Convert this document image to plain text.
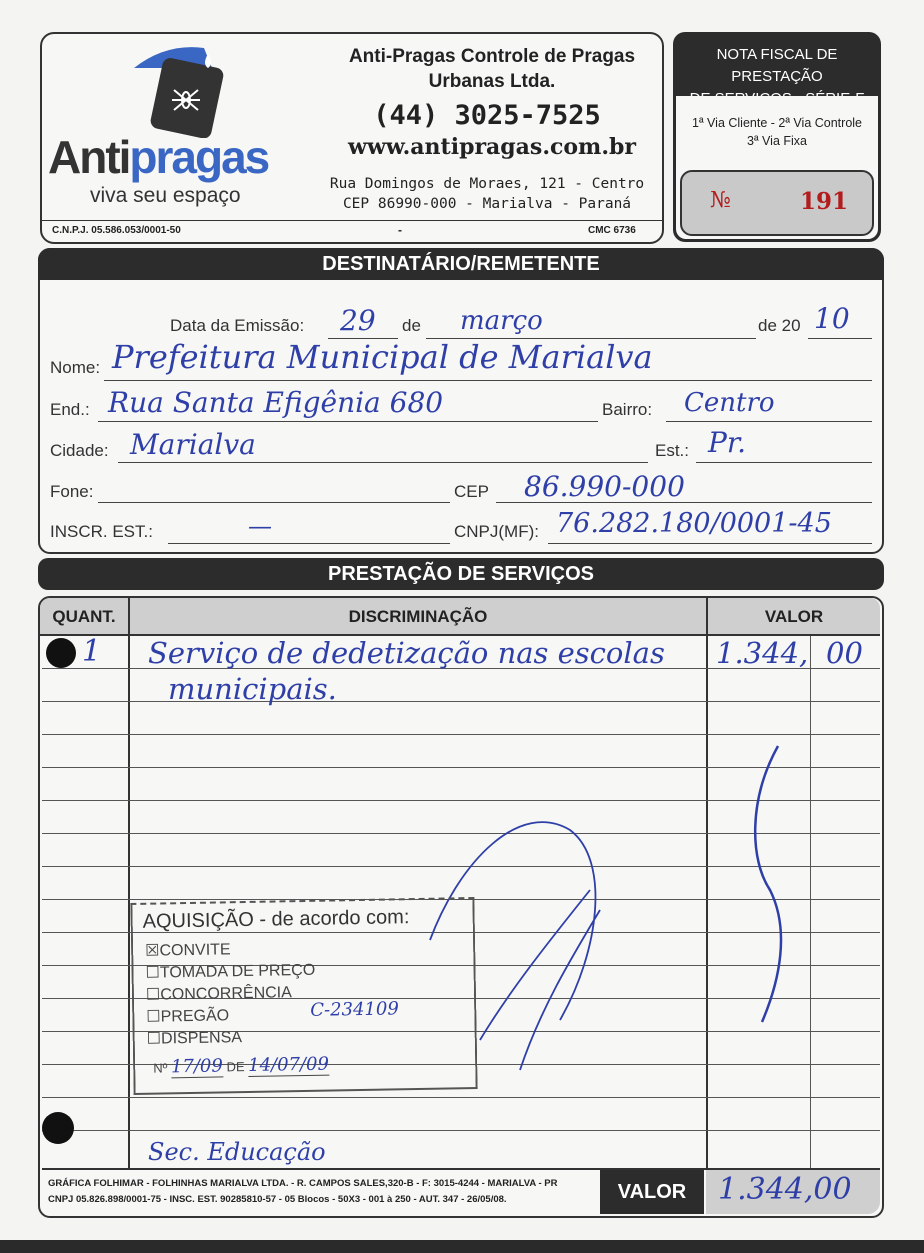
Antipragas
viva seu espaço
Anti-Pragas Controle de Pragas
Urbanas Ltda.
(44) 3025-7525
www.antipragas.com.br
Rua Domingos de Moraes, 121 - Centro
CEP 86990-000 - Marialva - Paraná
C.N.P.J. 05.586.053/0001-50	-	CMC 6736
NOTA FISCAL DE PRESTAÇÃO
1ª Via Cliente - 2ª Via Controle
3ª Via Fixa
№	191
DESTINATÁRIO/REMETENTE
Data da Emissão: 29 de março	de 20 10
Nome: Prefeitura Municipal de Marialva
End.: Rua Santa Efigênia 680	Bairro: Centro
Cidade: Marialva	Est.: Pr.
Fone:	CEP 86.990-000
INSCR. EST.:	—	CNPJ(MF): 76.282.180/0001-45
PRESTAÇÃO DE SERVIÇOS
QUANT.	DISCRIMINAÇÃO	VALOR
1 Serviço de dedetização nas escolas
municipais.
1.344, 00
AQUISIÇÃO - de acordo com:
☒CONVITE
☐TOMADA DE PREÇO
☐CONCORRÊNCIA
☐PREGÃO	C-234109
☐DISPENSA
Nº 17/09 DE 14/07/09
Sec. Educação
GRÁFICA FOLHIMAR - FOLHINHAS MARIALVA LTDA. - R. CAMPOS SALES,320-B - F: 3015-4244 - MARIALVA - PR
CNPJ 05.826.898/0001-75 - INSC. EST. 90285810-57 - 05 Blocos - 50X3 - 001 à 250 - AUT. 347 - 26/05/08.	VALOR	1.344,00
